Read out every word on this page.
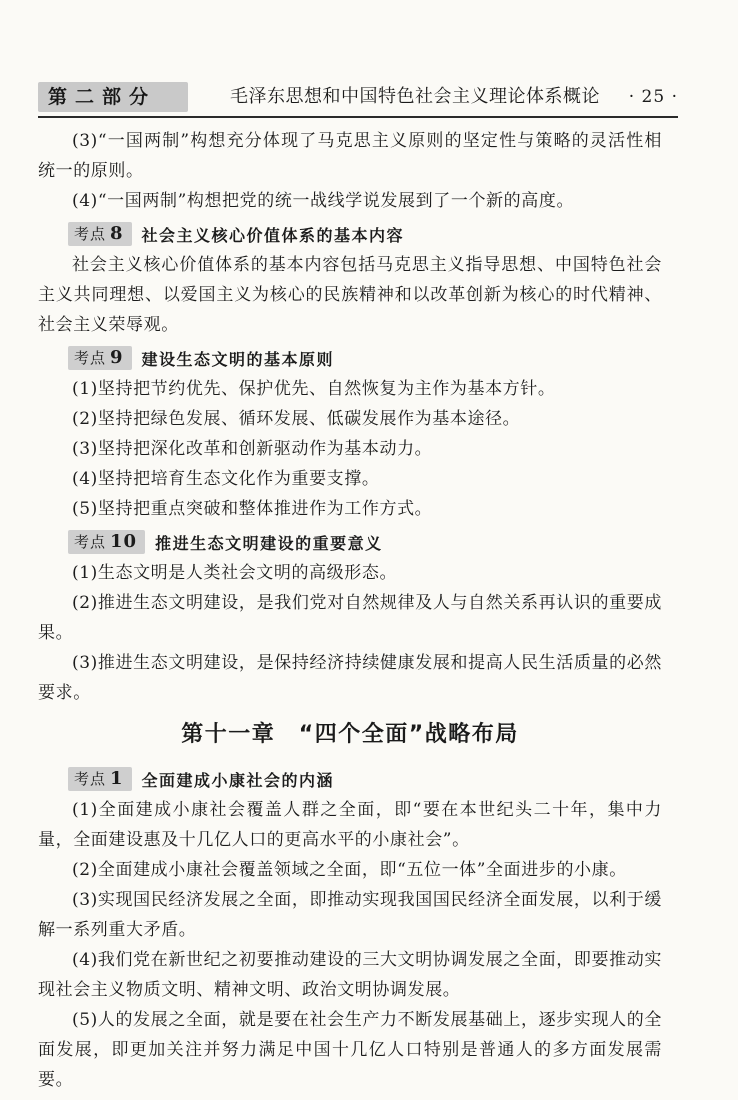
第二部分	毛泽东思想和中国特色社会主义理论体系概论 · 25 ·

(3)“一国两制”构想充分体现了马克思主义原则的坚定性与策略的灵活性相统一的原则。

(4)“一国两制”构想把党的统一战线学说发展到了一个新的高度。

考点 8	社会主义核心价值体系的基本内容

社会主义核心价值体系的基本内容包括马克思主义指导思想、中国特色社会主义共同理想、以爱国主义为核心的民族精神和以改革创新为核心的时代精神、社会主义荣辱观。

考点 9	建设生态文明的基本原则

(1)坚持把节约优先、保护优先、自然恢复为主作为基本方针。

(2)坚持把绿色发展、循环发展、低碳发展作为基本途径。

(3)坚持把深化改革和创新驱动作为基本动力。

(4)坚持把培育生态文化作为重要支撑。

(5)坚持把重点突破和整体推进作为工作方式。

考点 10	推进生态文明建设的重要意义

(1)生态文明是人类社会文明的高级形态。

(2)推进生态文明建设，是我们党对自然规律及人与自然关系再认识的重要成果。

(3)推进生态文明建设，是保持经济持续健康发展和提高人民生活质量的必然要求。

第十一章　“四个全面”战略布局
考点 1	全面建成小康社会的内涵

(1)全面建成小康社会覆盖人群之全面，即“要在本世纪头二十年，集中力量，全面建设惠及十几亿人口的更高水平的小康社会”。

(2)全面建成小康社会覆盖领域之全面，即“五位一体”全面进步的小康。

(3)实现国民经济发展之全面，即推动实现我国国民经济全面发展，以利于缓解一系列重大矛盾。

(4)我们党在新世纪之初要推动建设的三大文明协调发展之全面，即要推动实现社会主义物质文明、精神文明、政治文明协调发展。

(5)人的发展之全面，就是要在社会生产力不断发展基础上，逐步实现人的全面发展，即更加关注并努力满足中国十几亿人口特别是普通人的多方面发展需要。
